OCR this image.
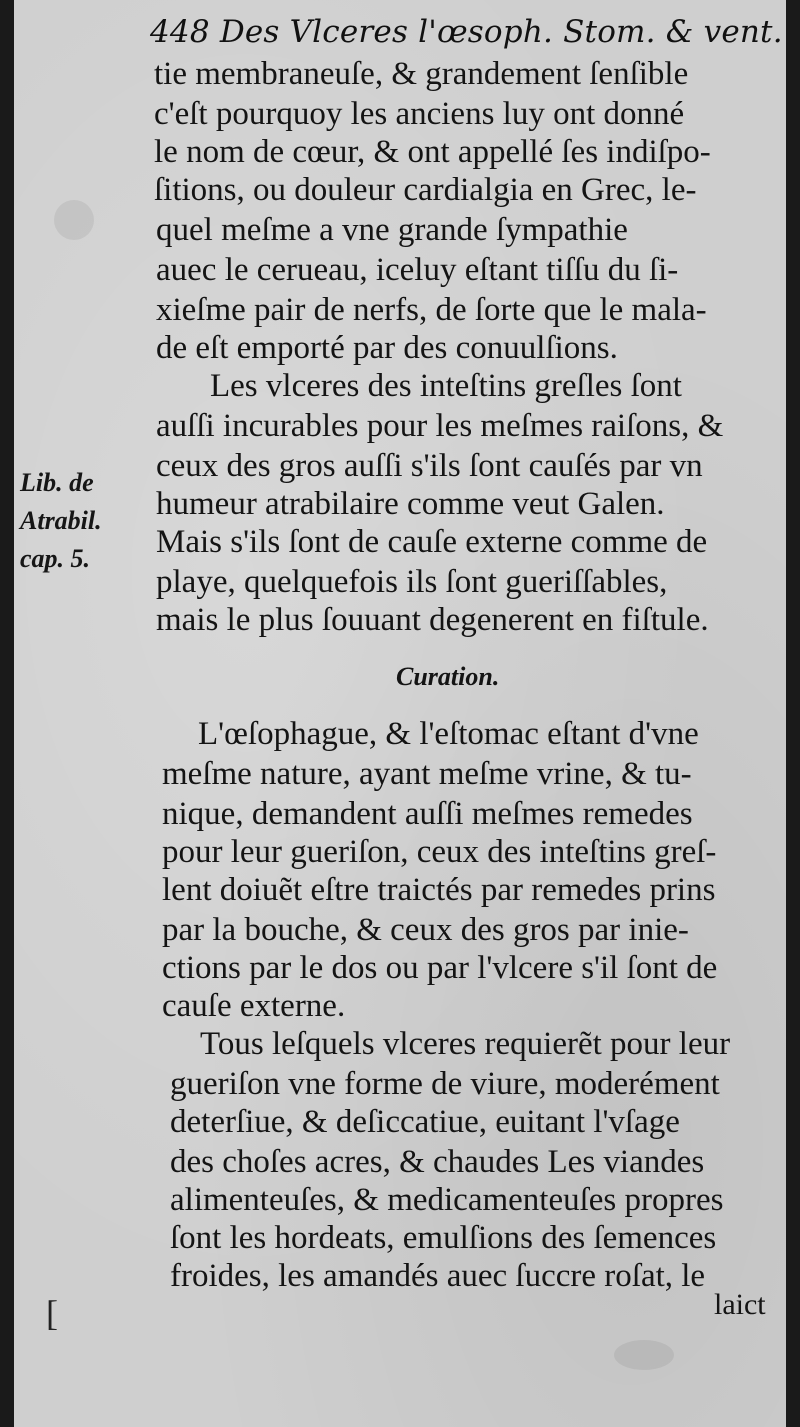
448 Des Vlceres l'œsoph. Stom. & vent.
tie membraneuſe, & grandement ſenſible
c'eſt pourquoy les anciens luy ont donné
le nom de cœur, & ont appellé ſes indiſpo-
ſitions, ou douleur cardialgia en Grec, le-
quel meſme a vne grande ſympathie
auec le cerueau, iceluy eſtant tiſſu du ſi-
xieſme pair de nerfs, de ſorte que le mala-
de eſt emporté par des conuulſions.
Les vlceres des inteſtins greſles ſont
auſſi incurables pour les meſmes raiſons, &
ceux des gros auſſi s'ils ſont cauſés par vn
humeur atrabilaire comme veut Galen.
Mais s'ils ſont de cauſe externe comme de
playe, quelquefois ils ſont gueriſſables,
mais le plus ſouuant degenerent en fiſtule.
Lib. de
Atrabil.
cap. 5.
Curation.
L'œſophague, & l'eſtomac eſtant d'vne
meſme nature, ayant meſme vrine, & tu-
nique, demandent auſſi meſmes remedes
pour leur gueriſon, ceux des inteſtins greſ-
lent doiuẽt eſtre traictés par remedes prins
par la bouche, & ceux des gros par inie-
ctions par le dos ou par l'vlcere s'il ſont de
cauſe externe.
Tous leſquels vlceres requierẽt pour leur
gueriſon vne forme de viure, moderément
deterſiue, & deſiccatiue, euitant l'vſage
des choſes acres, & chaudes Les viandes
alimenteuſes, & medicamenteuſes propres
ſont les hordeats, emulſions des ſemences
froides, les amandés auec ſuccre roſat, le
laict
[
